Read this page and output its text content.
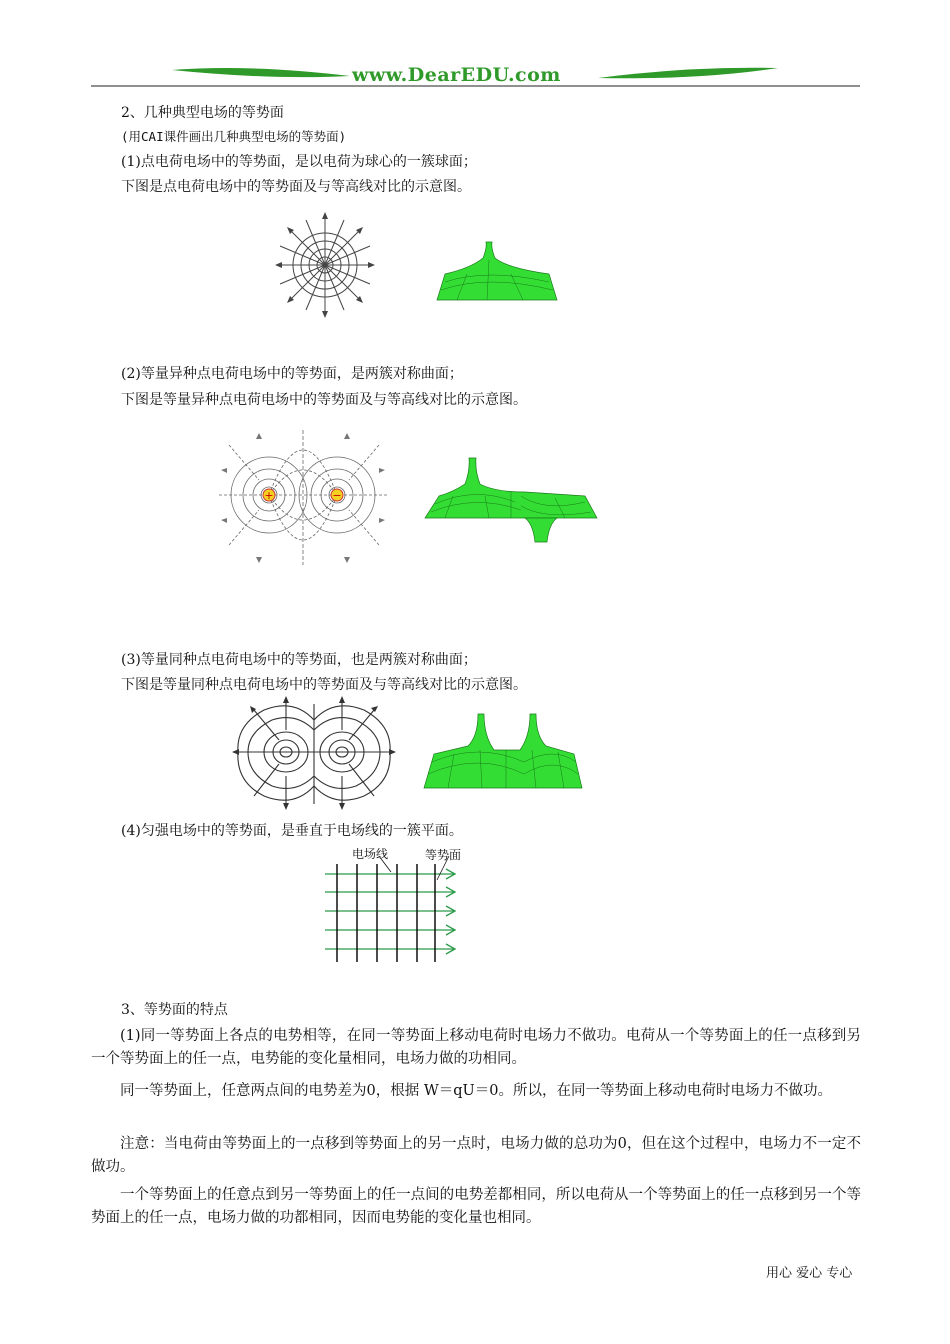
www.DearEDU.com
2、几种典型电场的等势面
(用CAI课件画出几种典型电场的等势面)
(1)点电荷电场中的等势面，是以电荷为球心的一簇球面；
下图是点电荷电场中的等势面及与等高线对比的示意图。
(2)等量异种点电荷电场中的等势面，是两簇对称曲面；
下图是等量异种点电荷电场中的等势面及与等高线对比的示意图。
+	−
(3)等量同种点电荷电场中的等势面，也是两簇对称曲面；
下图是等量同种点电荷电场中的等势面及与等高线对比的示意图。
(4)匀强电场中的等势面，是垂直于电场线的一簇平面。
电场线	等势面
3、等势面的特点
(1)同一等势面上各点的电势相等，在同一等势面上移动电荷时电场力不做功。电荷从一个等势面上的任一点移到另一个等势面上的任一点，电势能的变化量相同，电场力做的功相同。
同一等势面上，任意两点间的电势差为0，根据 W＝qU＝0。所以，在同一等势面上移动电荷时电场力不做功。
注意：当电荷由等势面上的一点移到等势面上的另一点时，电场力做的总功为0，但在这个过程中，电场力不一定不做功。
一个等势面上的任意点到另一等势面上的任一点间的电势差都相同，所以电荷从一个等势面上的任一点移到另一个等势面上的任一点，电场力做的功都相同，因而电势能的变化量也相同。
用心 爱心 专心
